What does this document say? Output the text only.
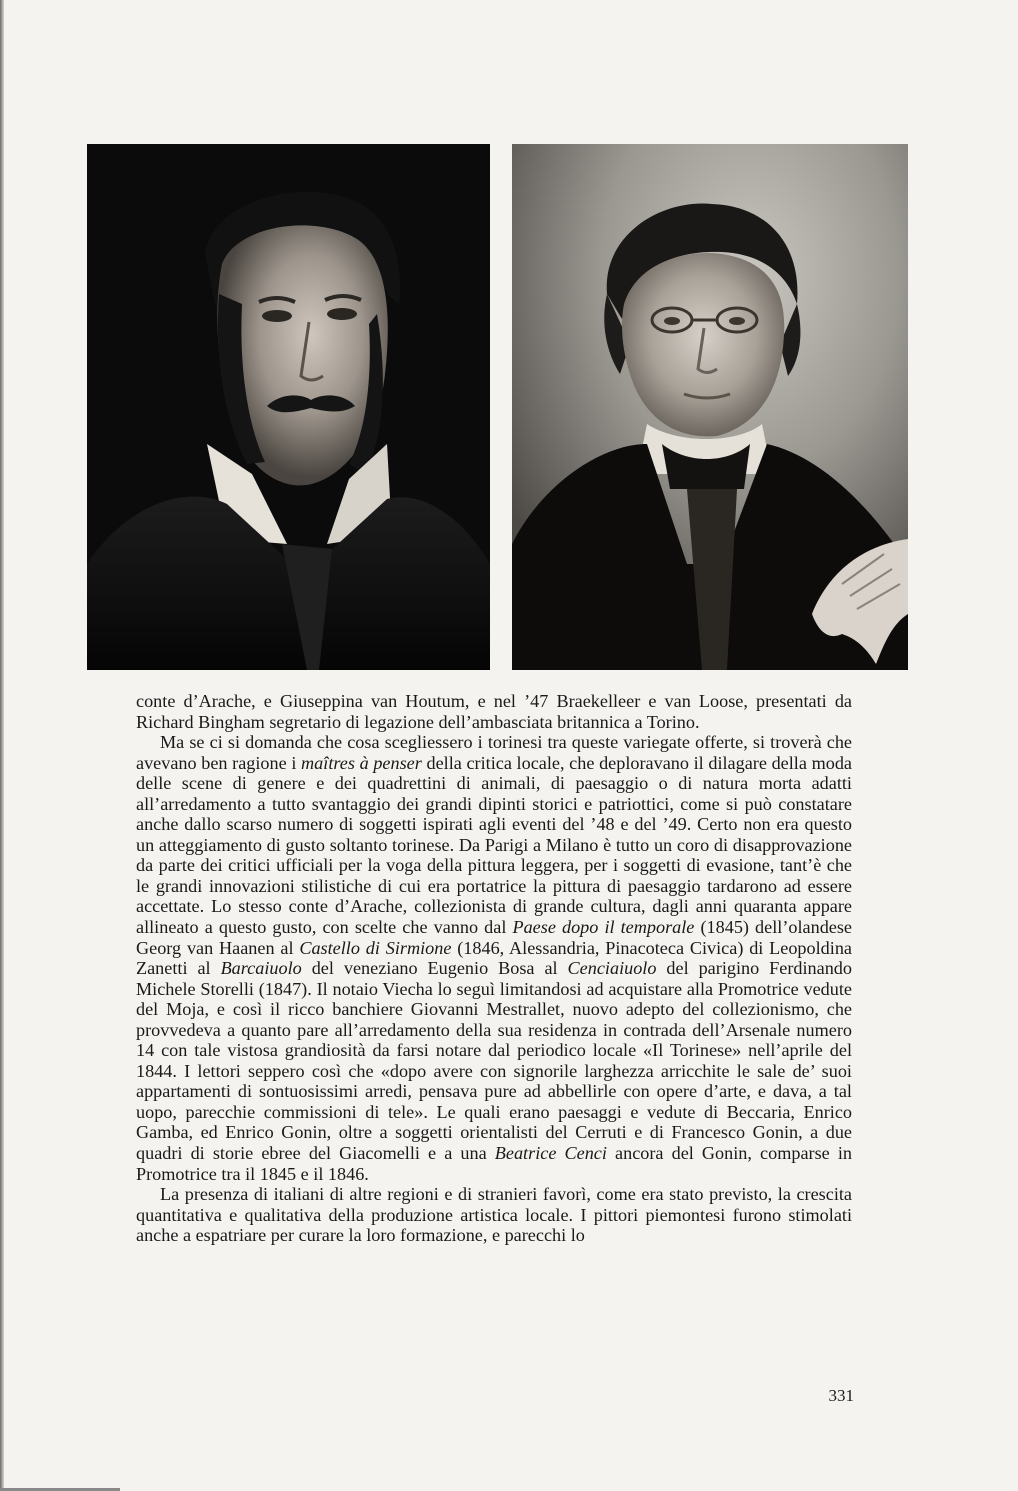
conte d’Arache, e Giuseppina van Houtum, e nel ’47 Braekelleer e van Loose, presentati da Richard Bingham segretario di legazione dell’ambasciata britannica a Torino.

Ma se ci si domanda che cosa scegliessero i torinesi tra queste variegate offerte, si troverà che avevano ben ragione i maîtres à penser della critica locale, che deploravano il dilagare della moda delle scene di genere e dei quadrettini di animali, di paesaggio o di natura morta adatti all’arredamento a tutto svantaggio dei grandi dipinti storici e patriottici, come si può constatare anche dallo scarso numero di soggetti ispirati agli eventi del ’48 e del ’49. Certo non era questo un atteggiamento di gusto soltanto torinese. Da Parigi a Milano è tutto un coro di disapprovazione da parte dei critici ufficiali per la voga della pittura leggera, per i soggetti di evasione, tant’è che le grandi innovazioni stilistiche di cui era portatrice la pittura di paesaggio tardarono ad essere accettate. Lo stesso conte d’Arache, collezionista di grande cultura, dagli anni quaranta appare allineato a questo gusto, con scelte che vanno dal Paese dopo il temporale (1845) dell’olandese Georg van Haanen al Castello di Sirmione (1846, Alessandria, Pinacoteca Civica) di Leopoldina Zanetti al Barcaiuolo del veneziano Eugenio Bosa al Cenciaiuolo del parigino Ferdinando Michele Storelli (1847). Il notaio Viecha lo seguì limitandosi ad acquistare alla Promotrice vedute del Moja, e così il ricco banchiere Giovanni Mestrallet, nuovo adepto del collezionismo, che provvedeva a quanto pare all’arredamento della sua residenza in contrada dell’Arsenale numero 14 con tale vistosa grandiosità da farsi notare dal periodico locale «Il Torinese» nell’aprile del 1844. I lettori seppero così che «dopo avere con signorile larghezza arricchite le sale de’ suoi appartamenti di sontuosissimi arredi, pensava pure ad abbellirle con opere d’arte, e dava, a tal uopo, parecchie commissioni di tele». Le quali erano paesaggi e vedute di Beccaria, Enrico Gamba, ed Enrico Gonin, oltre a soggetti orientalisti del Cerruti e di Francesco Gonin, a due quadri di storie ebree del Giacomelli e a una Beatrice Cenci ancora del Gonin, comparse in Promotrice tra il 1845 e il 1846.

La presenza di italiani di altre regioni e di stranieri favorì, come era stato previsto, la crescita quantitativa e qualitativa della produzione artistica locale. I pittori piemontesi furono stimolati anche a espatriare per curare la loro formazione, e parecchi lo

331
